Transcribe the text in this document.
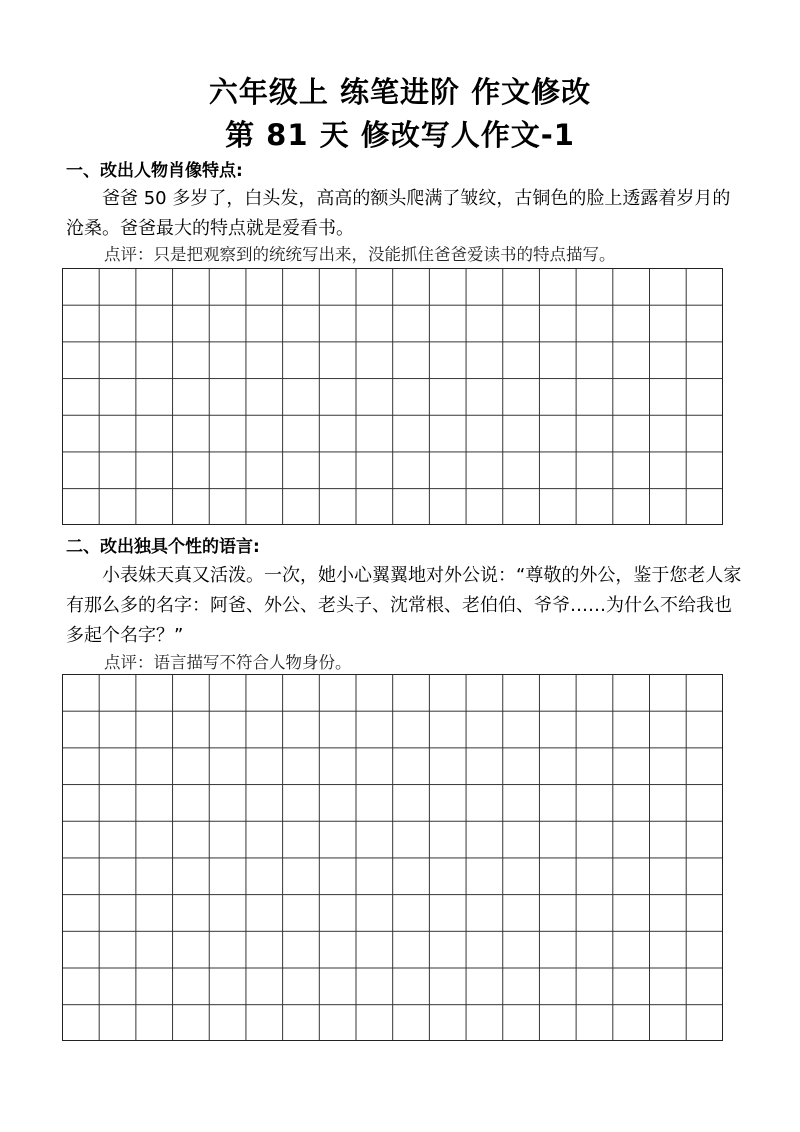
六年级上 练笔进阶 作文修改
第 81 天 修改写人作文-1
一、改出人物肖像特点:
爸爸 50 多岁了，白头发，高高的额头爬满了皱纹，古铜色的脸上透露着岁月的沧桑。爸爸最大的特点就是爱看书。
点评：只是把观察到的统统写出来，没能抓住爸爸爱读书的特点描写。
二、改出独具个性的语言:
小表妹天真又活泼。一次，她小心翼翼地对外公说：“尊敬的外公，鉴于您老人家有那么多的名字：阿爸、外公、老头子、沈常根、老伯伯、爷爷……为什么不给我也多起个名字？”
点评：语言描写不符合人物身份。
